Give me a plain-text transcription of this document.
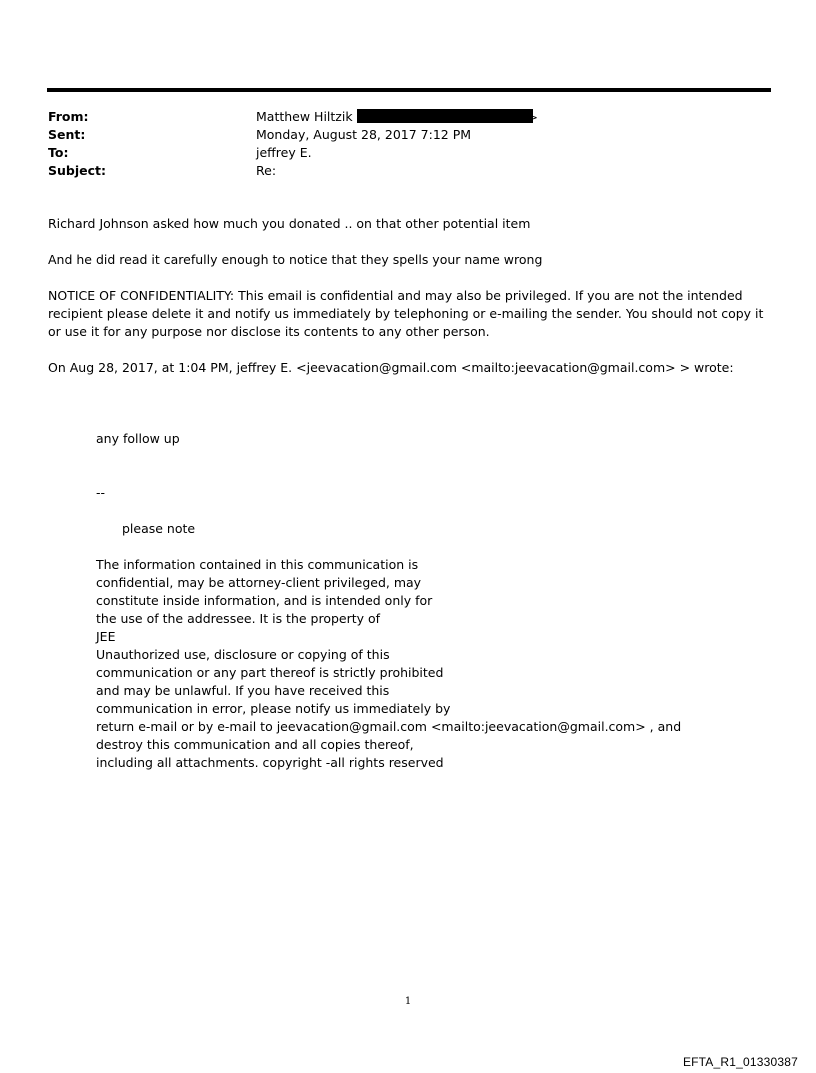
From:	Matthew Hiltzik	>
Sent:	Monday, August 28, 2017 7:12 PM
To:	jeffrey E.
Subject:	Re:

Richard Johnson asked how much you donated .. on that other potential item

And he did read it carefully enough to notice that they spells your name wrong

NOTICE OF CONFIDENTIALITY: This email is confidential and may also be privileged. If you are not the intended recipient please delete it and notify us immediately by telephoning or e-mailing the sender. You should not copy it or use it for any purpose nor disclose its contents to any other person.

On Aug 28, 2017, at 1:04 PM, jeffrey E. <jeevacation@gmail.com <mailto:jeevacation@gmail.com> > wrote:

any follow up

--

please note

The information contained in this communication is
confidential, may be attorney-client privileged, may
constitute inside information, and is intended only for
the use of the addressee. It is the property of
JEE
Unauthorized use, disclosure or copying of this
communication or any part thereof is strictly prohibited
and may be unlawful. If you have received this
communication in error, please notify us immediately by
return e-mail or by e-mail to jeevacation@gmail.com <mailto:jeevacation@gmail.com> , and
destroy this communication and all copies thereof,
including all attachments. copyright -all rights reserved
1
EFTA_R1_01330387
